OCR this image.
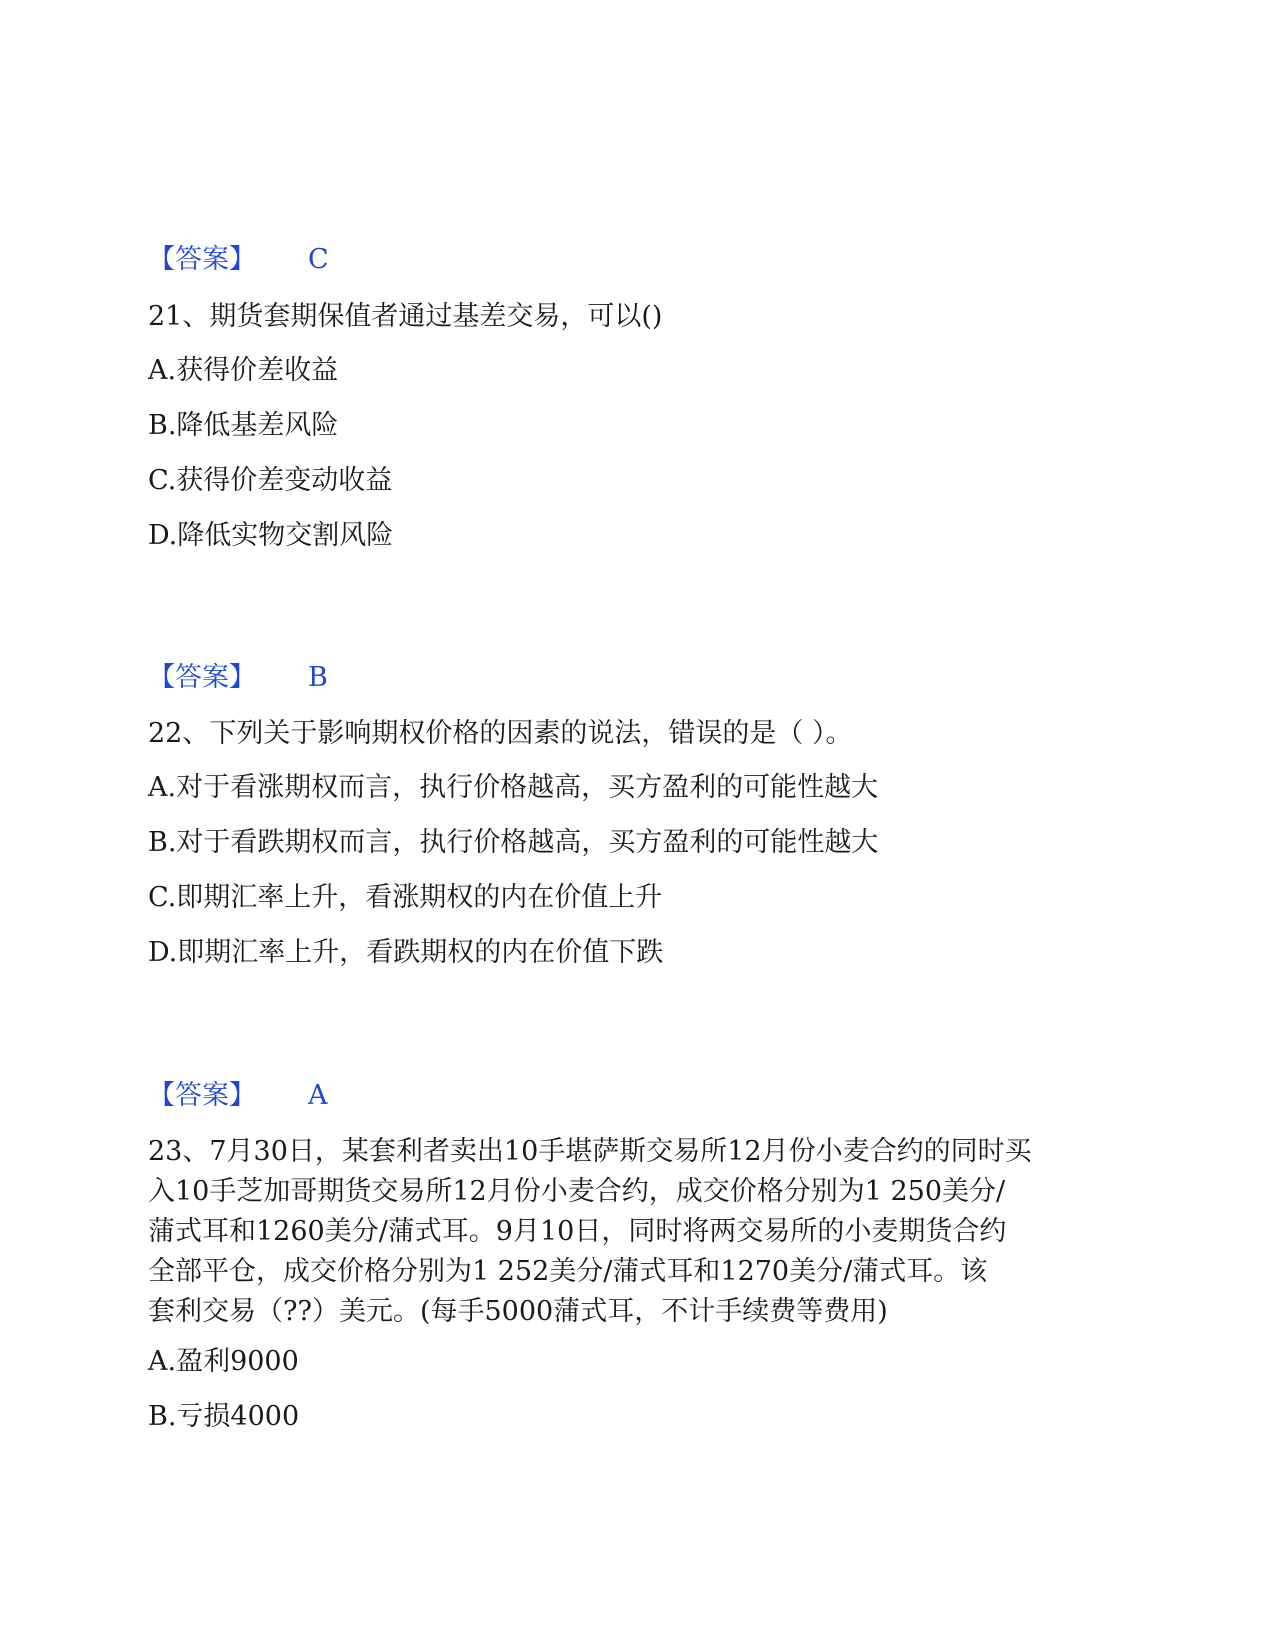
【答案】 C
21、期货套期保值者通过基差交易，可以()
A.获得价差收益
B.降低基差风险
C.获得价差变动收益
D.降低实物交割风险
【答案】 B
22、下列关于影响期权价格的因素的说法，错误的是（ ）。
A.对于看涨期权而言，执行价格越高，买方盈利的可能性越大
B.对于看跌期权而言，执行价格越高，买方盈利的可能性越大
C.即期汇率上升，看涨期权的内在价值上升
D.即期汇率上升，看跌期权的内在价值下跌
【答案】 A
23、7月30日，某套利者卖出10手堪萨斯交易所12月份小麦合约的同时买
入10手芝加哥期货交易所12月份小麦合约，成交价格分别为1 250美分/
蒲式耳和1260美分/蒲式耳。9月10日，同时将两交易所的小麦期货合约
全部平仓，成交价格分别为1 252美分/蒲式耳和1270美分/蒲式耳。该
套利交易（??）美元。(每手5000蒲式耳，不计手续费等费用)
A.盈利9000
B.亏损4000
